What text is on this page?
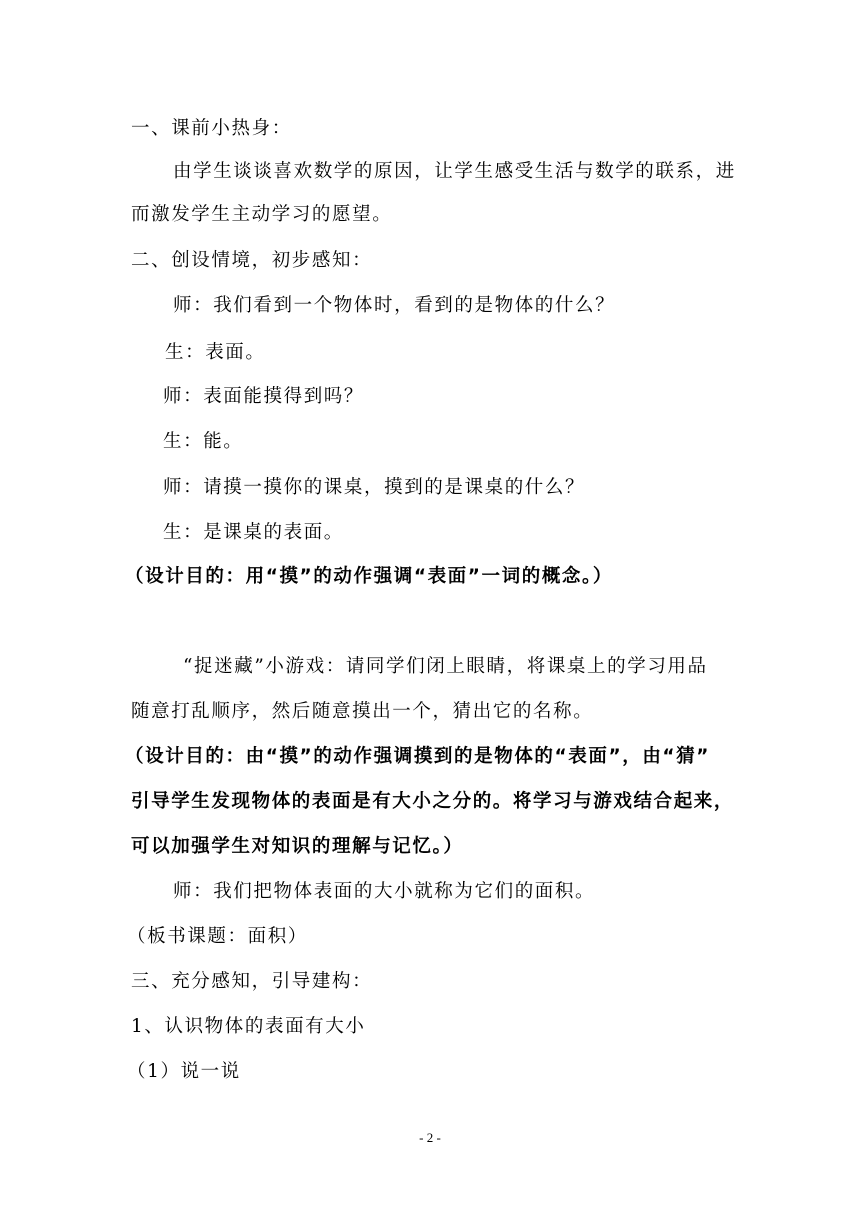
一、课前小热身：
由学生谈谈喜欢数学的原因，让学生感受生活与数学的联系，进
而激发学生主动学习的愿望。
二、创设情境，初步感知：
师：我们看到一个物体时，看到的是物体的什么？
生：表面。
师：表面能摸得到吗？
生：能。
师：请摸一摸你的课桌，摸到的是课桌的什么？
生：是课桌的表面。
（设计目的：用“摸”的动作强调“表面”一词的概念。）
“捉迷藏”小游戏：请同学们闭上眼睛，将课桌上的学习用品
随意打乱顺序，然后随意摸出一个，猜出它的名称。
（设计目的：由“摸”的动作强调摸到的是物体的“表面”，由“猜”
引导学生发现物体的表面是有大小之分的。将学习与游戏结合起来，
可以加强学生对知识的理解与记忆。）
师：我们把物体表面的大小就称为它们的面积。
（板书课题：面积）
三、充分感知，引导建构：
1、认识物体的表面有大小
（1）说一说
- 2 -
